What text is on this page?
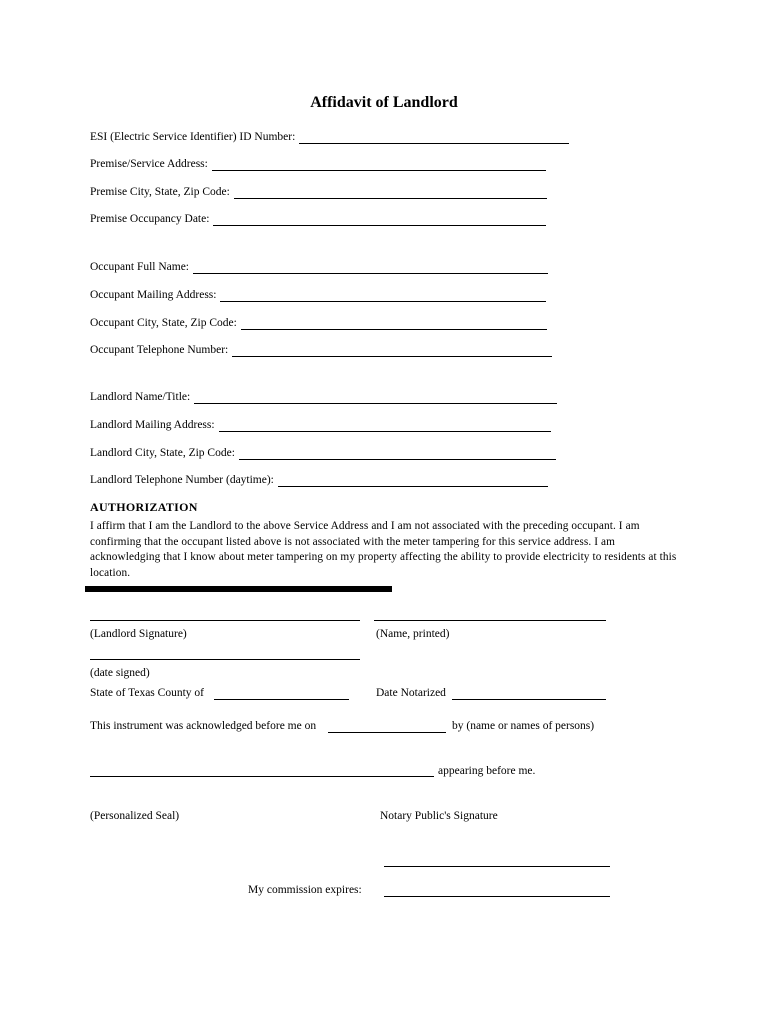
Affidavit of Landlord
ESI (Electric Service Identifier) ID Number:
Premise/Service Address:
Premise City, State, Zip Code:
Premise Occupancy Date:
Occupant Full Name:
Occupant Mailing Address:
Occupant City, State, Zip Code:
Occupant Telephone Number:
Landlord Name/Title:
Landlord Mailing Address:
Landlord City, State, Zip Code:
Landlord Telephone Number (daytime):
AUTHORIZATION
I affirm that I am the Landlord to the above Service Address and I am not associated with the preceding occupant. I am confirming that the occupant listed above is not associated with the meter tampering for this service address. I am acknowledging that I know about meter tampering on my property affecting the ability to provide electricity to residents at this location.
(Landlord Signature)	(Name, printed)
(date signed)
State of Texas County of	Date Notarized
This instrument was acknowledged before me on	by (name or names of persons)
appearing before me.
(Personalized Seal)	Notary Public's Signature
My commission expires:
